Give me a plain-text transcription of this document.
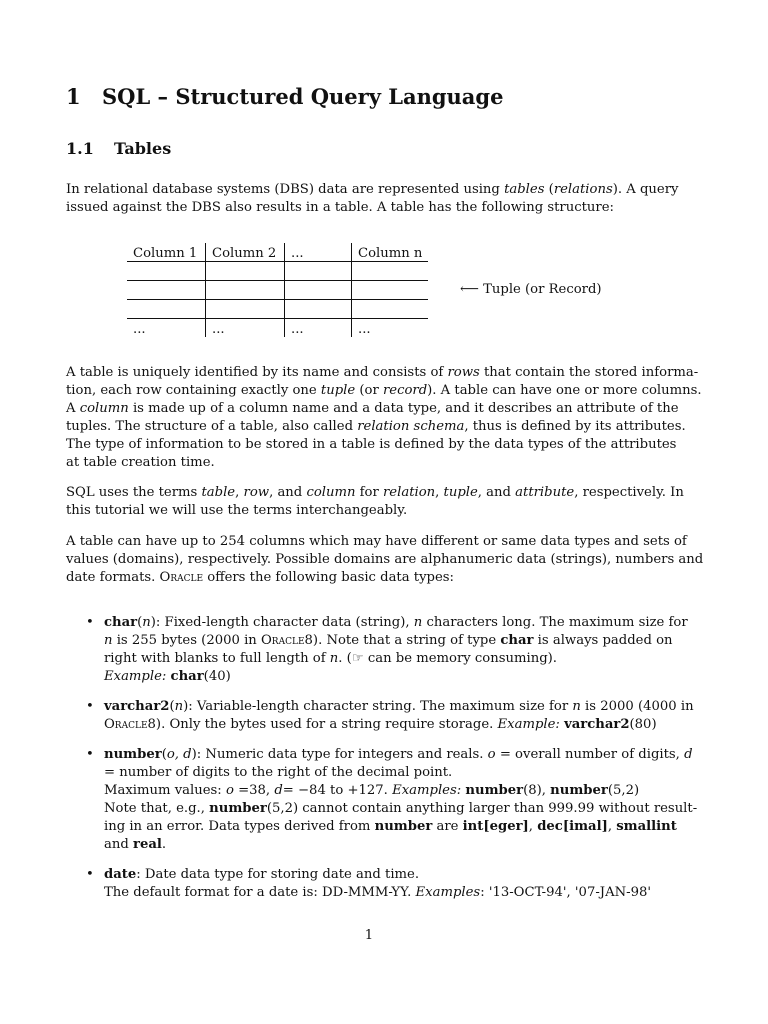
1 SQL – Structured Query Language
1.1 Tables
In relational database systems (DBS) data are represented using tables (relations). A query
issued against the DBS also results in a table. A table has the following structure:
Column 1	Column 2	...	Column n

...	...	...	...
⟵ Tuple (or Record)
A table is uniquely identified by its name and consists of rows that contain the stored informa-
tion, each row containing exactly one tuple (or record). A table can have one or more columns.
A column is made up of a column name and a data type, and it describes an attribute of the
tuples. The structure of a table, also called relation schema, thus is defined by its attributes.
The type of information to be stored in a table is defined by the data types of the attributes
at table creation time.
SQL uses the terms table, row, and column for relation, tuple, and attribute, respectively. In
this tutorial we will use the terms interchangeably.
A table can have up to 254 columns which may have different or same data types and sets of
values (domains), respectively. Possible domains are alphanumeric data (strings), numbers and
date formats. Oracle offers the following basic data types:
• char(n): Fixed-length character data (string), n characters long. The maximum size for
n is 255 bytes (2000 in Oracle8). Note that a string of type char is always padded on
right with blanks to full length of n. (☞ can be memory consuming).
Example: char(40)
• varchar2(n): Variable-length character string. The maximum size for n is 2000 (4000 in
Oracle8). Only the bytes used for a string require storage. Example: varchar2(80)
• number(o, d): Numeric data type for integers and reals. o = overall number of digits, d
= number of digits to the right of the decimal point.
Maximum values: o =38, d= −84 to +127. Examples: number(8), number(5,2)
Note that, e.g., number(5,2) cannot contain anything larger than 999.99 without result-
ing in an error. Data types derived from number are int[eger], dec[imal], smallint
and real.
• date: Date data type for storing date and time.
The default format for a date is: DD-MMM-YY. Examples: '13-OCT-94', '07-JAN-98'
1
